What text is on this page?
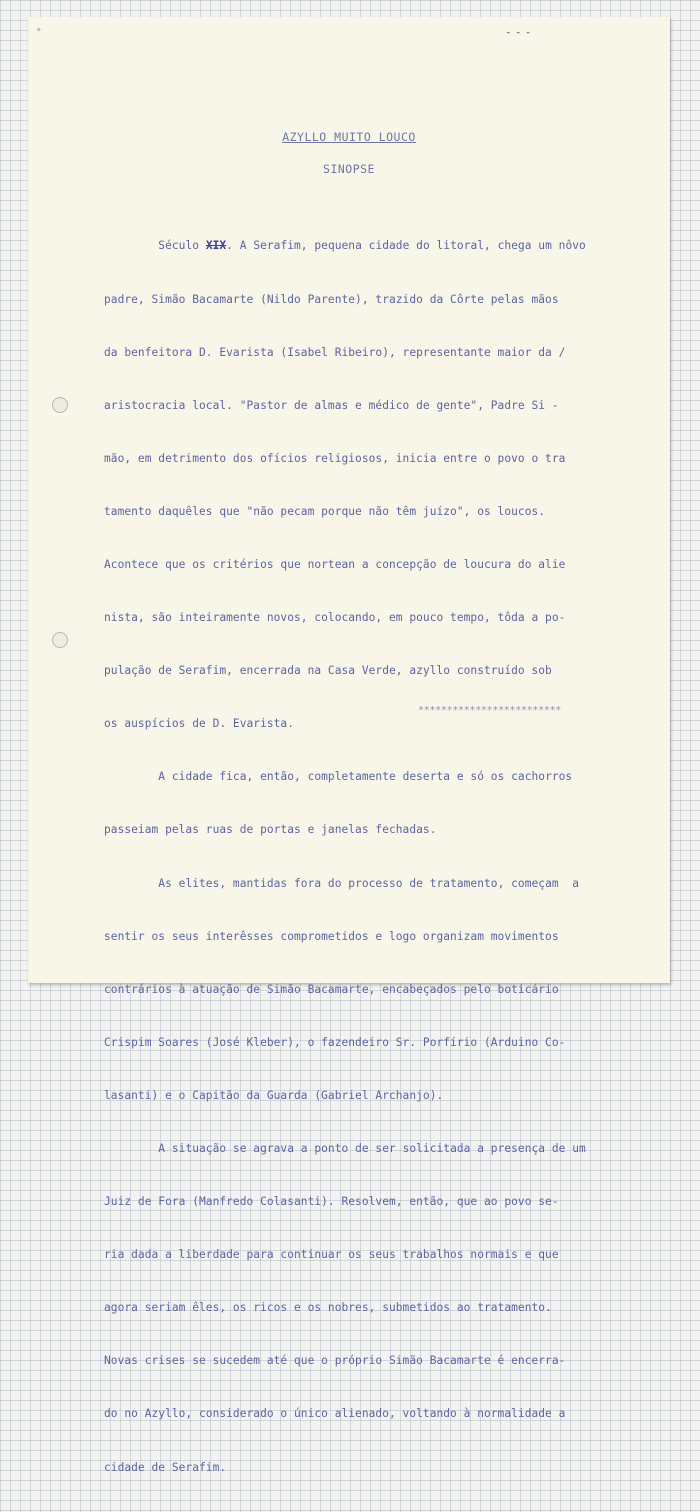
✧	⁃ ⁃ ⁃
AZYLLO MUITO LOUCO
SINOPSE

Século XIX. A Serafim, pequena cidade do litoral, chega um nôvo

padre, Simão Bacamarte (Nildo Parente), trazido da Côrte pelas mãos

da benfeitora D. Evarista (Isabel Ribeiro), representante maior da /

aristocracia local. "Pastor de almas e médico de gente", Padre Si -

mão, em detrimento dos ofícios religiosos, inicia entre o povo o tra

tamento daquêles que "não pecam porque não têm juízo", os loucos.

Acontece que os critérios que nortean a concepção de loucura do alie

nista, são inteiramente novos, colocando, em pouco tempo, tôda a po-

pulação de Serafim, encerrada na Casa Verde, azyllo construído sob

os auspícios de D. Evarista.

A cidade fica, então, completamente deserta e só os cachorros

passeiam pelas ruas de portas e janelas fechadas.

As elites, mantidas fora do processo de tratamento, começam  a

sentir os seus interêsses comprometidos e logo organizam movimentos

contrários à atuação de Simão Bacamarte, encabeçados pelo boticário

Crispim Soares (José Kleber), o fazendeiro Sr. Porfírio (Arduino Co-

lasanti) e o Capitão da Guarda (Gabriel Archanjo).

A situação se agrava a ponto de ser solicitada a presença de um

Juiz de Fora (Manfredo Colasanti). Resolvem, então, que ao povo se-

ria dada a liberdade para continuar os seus trabalhos normais e que

agora seriam êles, os ricos e os nobres, submetidos ao tratamento.

Novas crises se sucedem até que o próprio Simão Bacamarte é encerra-

do no Azyllo, considerado o único alienado, voltando à normalidade a

cidade de Serafim.

*************************
